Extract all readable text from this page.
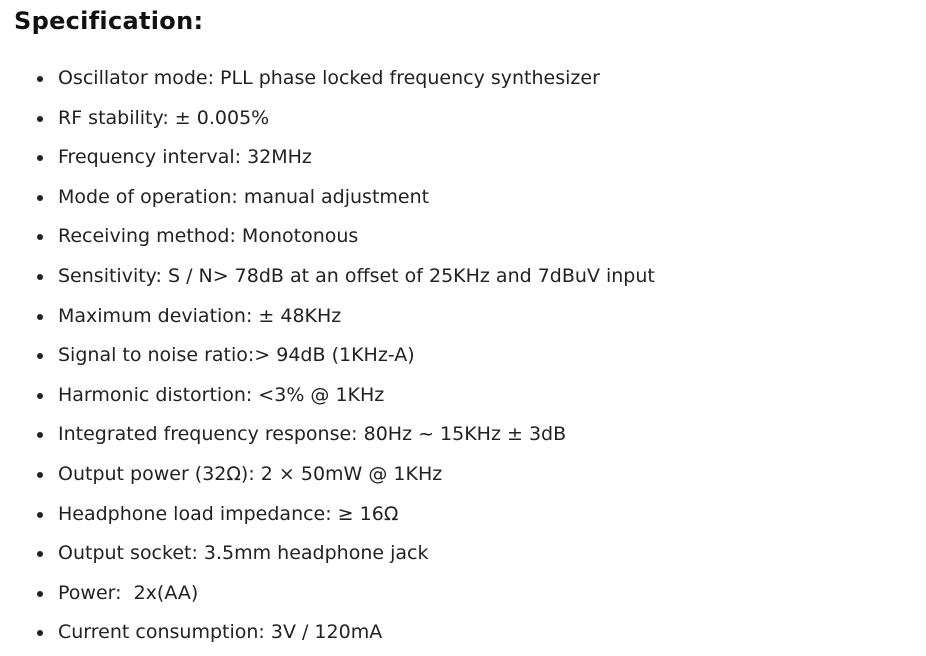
Specification:
Oscillator mode: PLL phase locked frequency synthesizer
RF stability: ± 0.005%
Frequency interval: 32MHz
Mode of operation: manual adjustment
Receiving method: Monotonous
Sensitivity: S / N> 78dB at an offset of 25KHz and 7dBuV input
Maximum deviation: ± 48KHz
Signal to noise ratio:> 94dB (1KHz-A)
Harmonic distortion: <3% @ 1KHz
Integrated frequency response: 80Hz ~ 15KHz ± 3dB
Output power (32Ω): 2 × 50mW @ 1KHz
Headphone load impedance: ≥ 16Ω
Output socket: 3.5mm headphone jack
Power:  2x(AA)
Current consumption: 3V / 120mA
